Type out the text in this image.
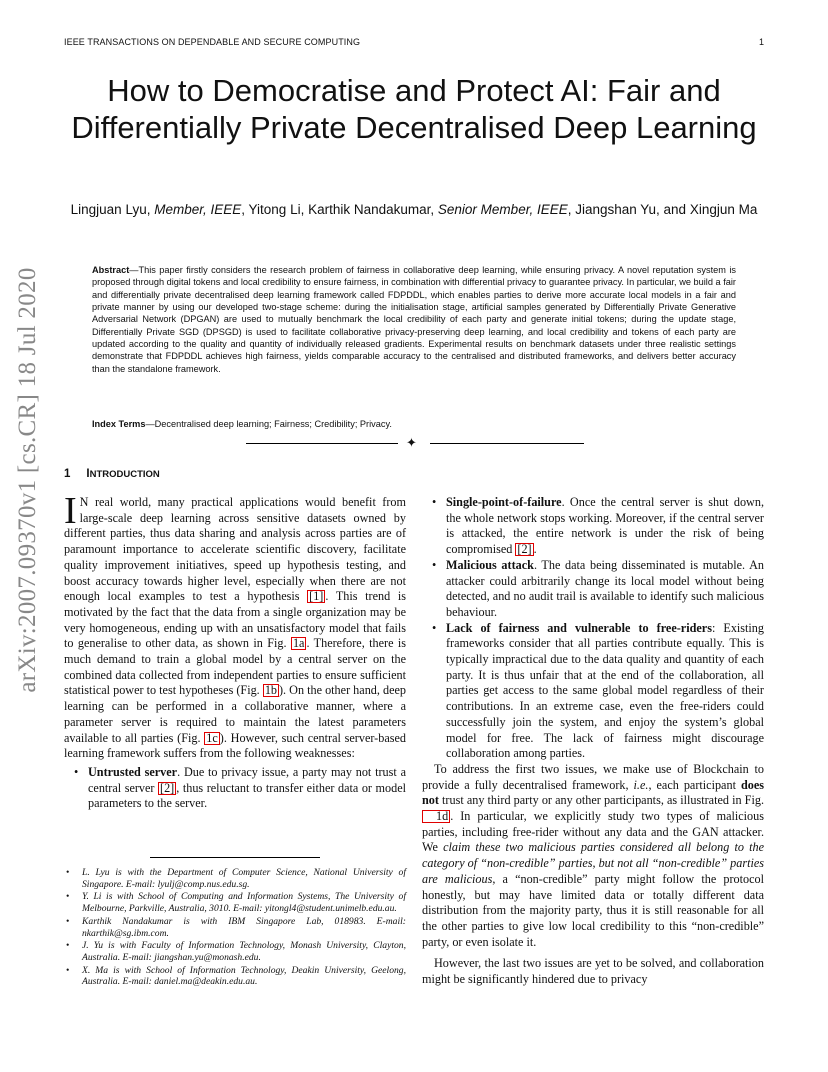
IEEE TRANSACTIONS ON DEPENDABLE AND SECURE COMPUTING	1
How to Democratise and Protect AI: Fair and Differentially Private Decentralised Deep Learning
Lingjuan Lyu, Member, IEEE, Yitong Li, Karthik Nandakumar, Senior Member, IEEE, Jiangshan Yu, and Xingjun Ma
Abstract—This paper firstly considers the research problem of fairness in collaborative deep learning, while ensuring privacy. A novel reputation system is proposed through digital tokens and local credibility to ensure fairness, in combination with differential privacy to guarantee privacy. In particular, we build a fair and differentially private decentralised deep learning framework called FDPDDL, which enables parties to derive more accurate local models in a fair and private manner by using our developed two-stage scheme: during the initialisation stage, artificial samples generated by Differentially Private Generative Adversarial Network (DPGAN) are used to mutually benchmark the local credibility of each party and generate initial tokens; during the update stage, Differentially Private SGD (DPSGD) is used to facilitate collaborative privacy-preserving deep learning, and local credibility and tokens of each party are updated according to the quality and quantity of individually released gradients. Experimental results on benchmark datasets under three realistic settings demonstrate that FDPDDL achieves high fairness, yields comparable accuracy to the centralised and distributed frameworks, and delivers better accuracy than the standalone framework.
Index Terms—Decentralised deep learning; Fairness; Credibility; Privacy.
✦
arXiv:2007.09370v1 [cs.CR] 18 Jul 2020 1 INTRODUCTION

I N real world, many practical applications would benefit from large-scale deep learning across sensitive datasets owned by different parties, thus data sharing and analysis across parties are of paramount importance to accelerate scientific discovery, facilitate quality improvement initiatives, speed up hypothesis testing, and boost accuracy towards higher level, especially when there are not enough local examples to test a hypothesis [1] . This trend is motivated by the fact that the data from a single organization may be very homogeneous, ending up with an unsatisfactory model that fails to generalise to other data, as shown in Fig. 1a . Therefore, there is much demand to train a global model by a central server on the combined data collected from independent parties to ensure sufficient statistical power to test hypotheses (Fig. 1b ). On the other hand, deep learning can be performed in a collaborative manner, where a parameter server is required to maintain the latest parameters available to all parties (Fig. 1c ). However, such central server-based learning framework suffers from the following weaknesses:

• Untrusted server. Due to privacy issue, a party may not trust a central server [2] , thus reluctant to transfer either data or model parameters to the server.
• L. Lyu is with the Department of Computer Science, National University of Singapore. E-mail: lyulj@comp.nus.edu.sg.
• Y. Li is with School of Computing and Information Systems, The University of Melbourne, Parkville, Australia, 3010. E-mail: yitongl4@student.unimelb.edu.au.
• Karthik Nandakumar is with IBM Singapore Lab, 018983. E-mail: nkarthik@sg.ibm.com.
• J. Yu is with Faculty of Information Technology, Monash University, Clayton, Australia. E-mail: jiangshan.yu@monash.edu.
• X. Ma is with School of Information Technology, Deakin University, Geelong, Australia. E-mail: daniel.ma@deakin.edu.au.
• Single-point-of-failure. Once the central server is shut down, the whole network stops working. Moreover, if the central server is attacked, the entire network is under the risk of being compromised [2] .
• Malicious attack. The data being disseminated is mutable. An attacker could arbitrarily change its local model without being detected, and no audit trail is available to identify such malicious behaviour.
• Lack of fairness and vulnerable to free-riders: Existing frameworks consider that all parties contribute equally. This is typically impractical due to the data quality and quantity of each party. It is thus unfair that at the end of the collaboration, all parties get access to the same global model regardless of their contributions. In an extreme case, even the free-riders could successfully join the system, and enjoy the system’s global model for free. The lack of fairness might discourage collaboration among parties.

To address the first two issues, we make use of Blockchain to provide a fully decentralised framework, i.e., each participant does not trust any third party or any other participants, as illustrated in Fig. 1d . In particular, we explicitly study two types of malicious parties, including free-rider without any data and the GAN attacker. We claim these two malicious parties considered all belong to the category of “non-credible” parties, but not all “non-credible” parties are malicious, a “non-credible” party might follow the protocol honestly, but may have limited data or totally different data distribution from the majority party, thus it is still reasonable for all the other parties to give low local credibility to this “non-credible” party, or even isolate it.

However, the last two issues are yet to be solved, and collaboration might be significantly hindered due to privacy
